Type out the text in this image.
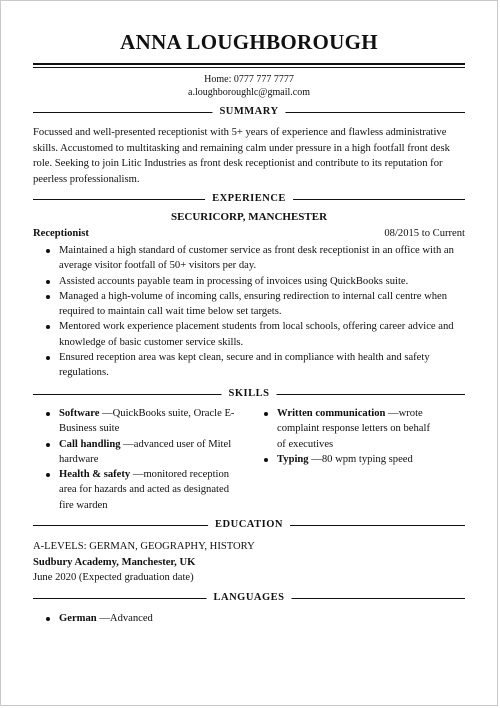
ANNA LOUGHBOROUGH
Home: 0777 777 7777
a.loughboroughlc@gmail.com
SUMMARY
Focussed and well-presented receptionist with 5+ years of experience and flawless administrative skills. Accustomed to multitasking and remaining calm under pressure in a high footfall front desk role. Seeking to join Litic Industries as front desk receptionist and contribute to its reputation for peerless professionalism.
EXPERIENCE
SECURICORP, MANCHESTER
Receptionist	08/2015 to Current
Maintained a high standard of customer service as front desk receptionist in an office with an average visitor footfall of 50+ visitors per day.
Assisted accounts payable team in processing of invoices using QuickBooks suite.
Managed a high-volume of incoming calls, ensuring redirection to internal call centre when required to maintain call wait time below set targets.
Mentored work experience placement students from local schools, offering career advice and knowledge of basic customer service skills.
Ensured reception area was kept clean, secure and in compliance with health and safety regulations.
SKILLS
Software —QuickBooks suite, Oracle E-Business suite
Call handling —advanced user of Mitel hardware
Health & safety —monitored reception area for hazards and acted as designated fire warden
Written communication —wrote complaint response letters on behalf of executives
Typing —80 wpm typing speed
EDUCATION
A-LEVELS: GERMAN, GEOGRAPHY, HISTORY
Sudbury Academy, Manchester, UK
June 2020 (Expected graduation date)
LANGUAGES
German —Advanced
